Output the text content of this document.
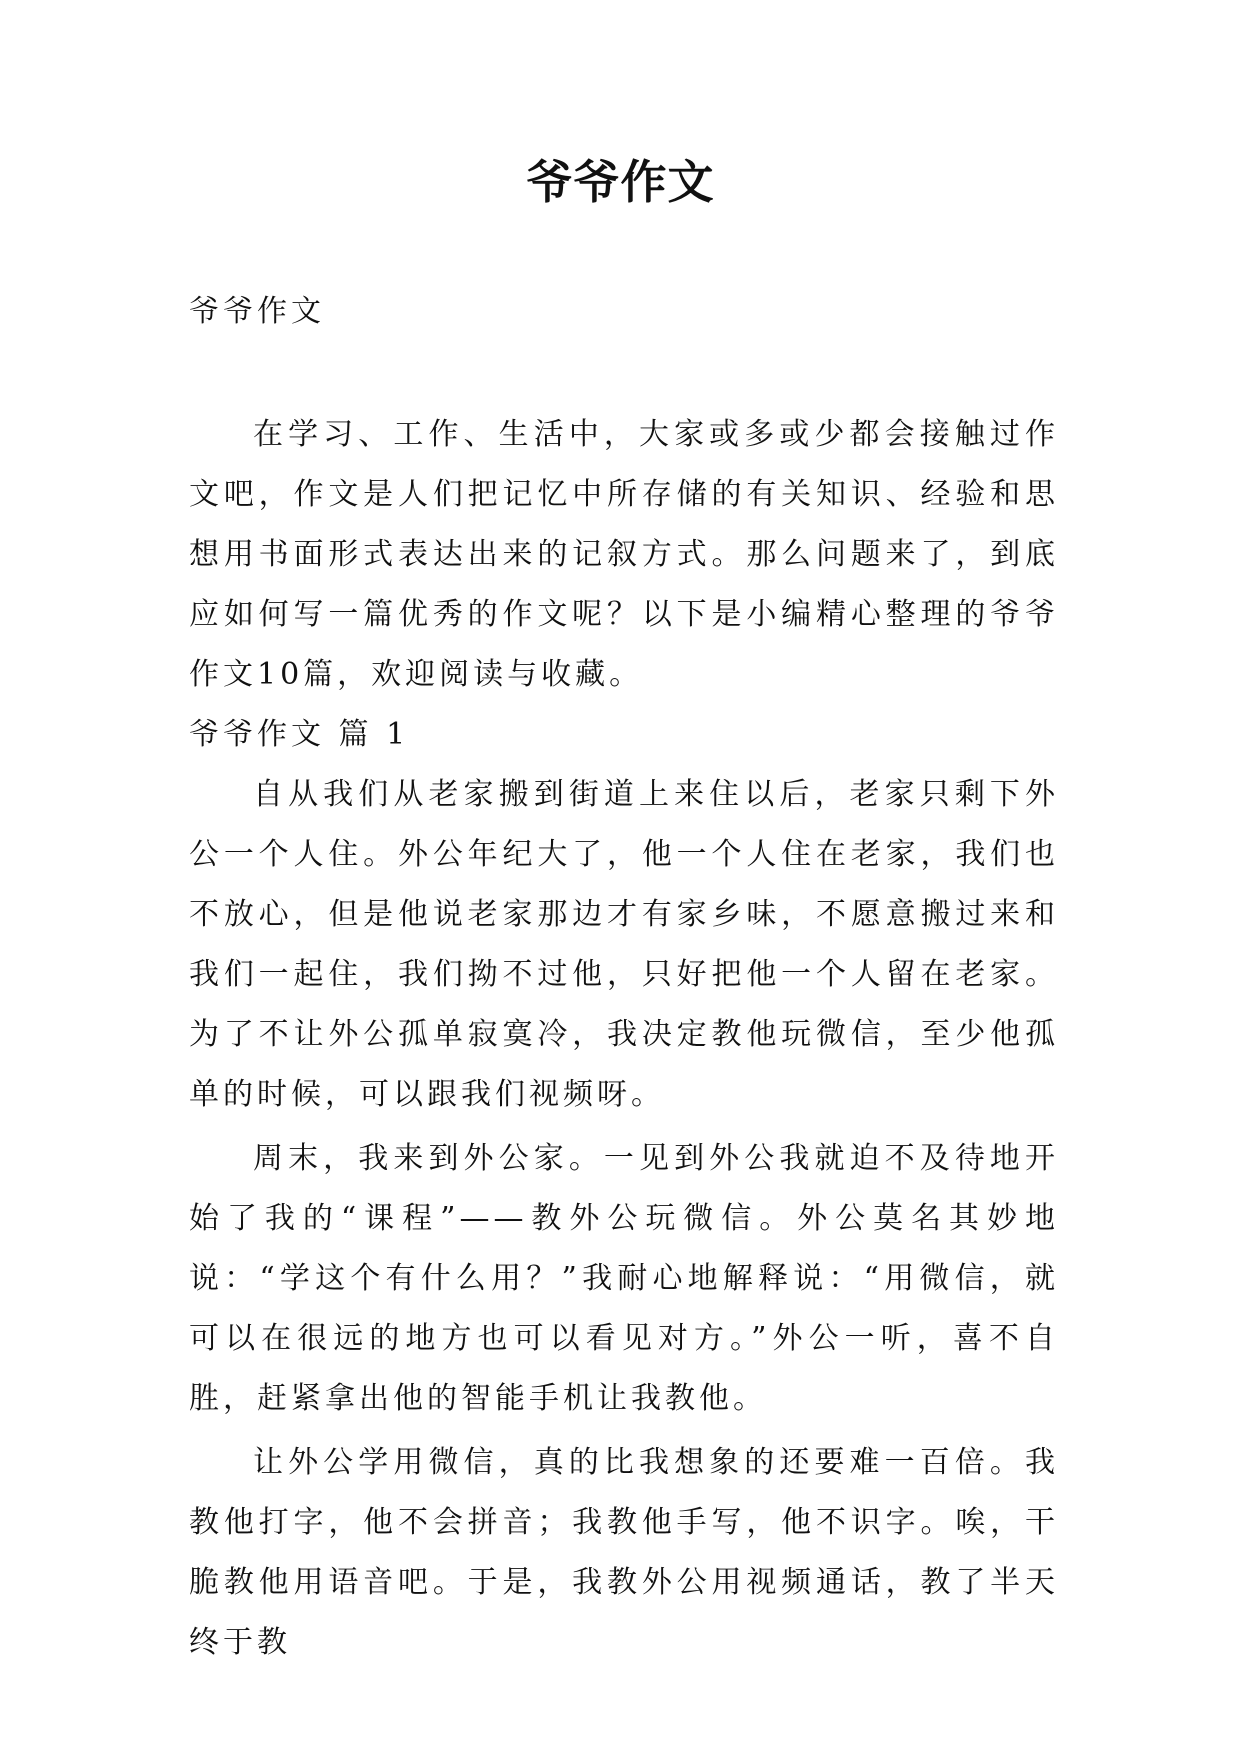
爷爷作文

爷爷作文

在学习、工作、生活中，大家或多或少都会接触过作文吧，作文是人们把记忆中所存储的有关知识、经验和思想用书面形式表达出来的记叙方式。那么问题来了，到底应如何写一篇优秀的作文呢？以下是小编精心整理的爷爷作文10篇，欢迎阅读与收藏。

爷爷作文 篇 1

自从我们从老家搬到街道上来住以后，老家只剩下外公一个人住。外公年纪大了，他一个人住在老家，我们也不放心，但是他说老家那边才有家乡味，不愿意搬过来和我们一起住，我们拗不过他，只好把他一个人留在老家。为了不让外公孤单寂寞冷，我决定教他玩微信，至少他孤单的时候，可以跟我们视频呀。

周末，我来到外公家。一见到外公我就迫不及待地开始了我的“课程”——教外公玩微信。外公莫名其妙地说：“学这个有什么用？”我耐心地解释说：“用微信，就可以在很远的地方也可以看见对方。”外公一听，喜不自胜，赶紧拿出他的智能手机让我教他。

让外公学用微信，真的比我想象的还要难一百倍。我教他打字，他不会拼音；我教他手写，他不识字。唉，干脆教他用语音吧。于是，我教外公用视频通话，教了半天终于教
